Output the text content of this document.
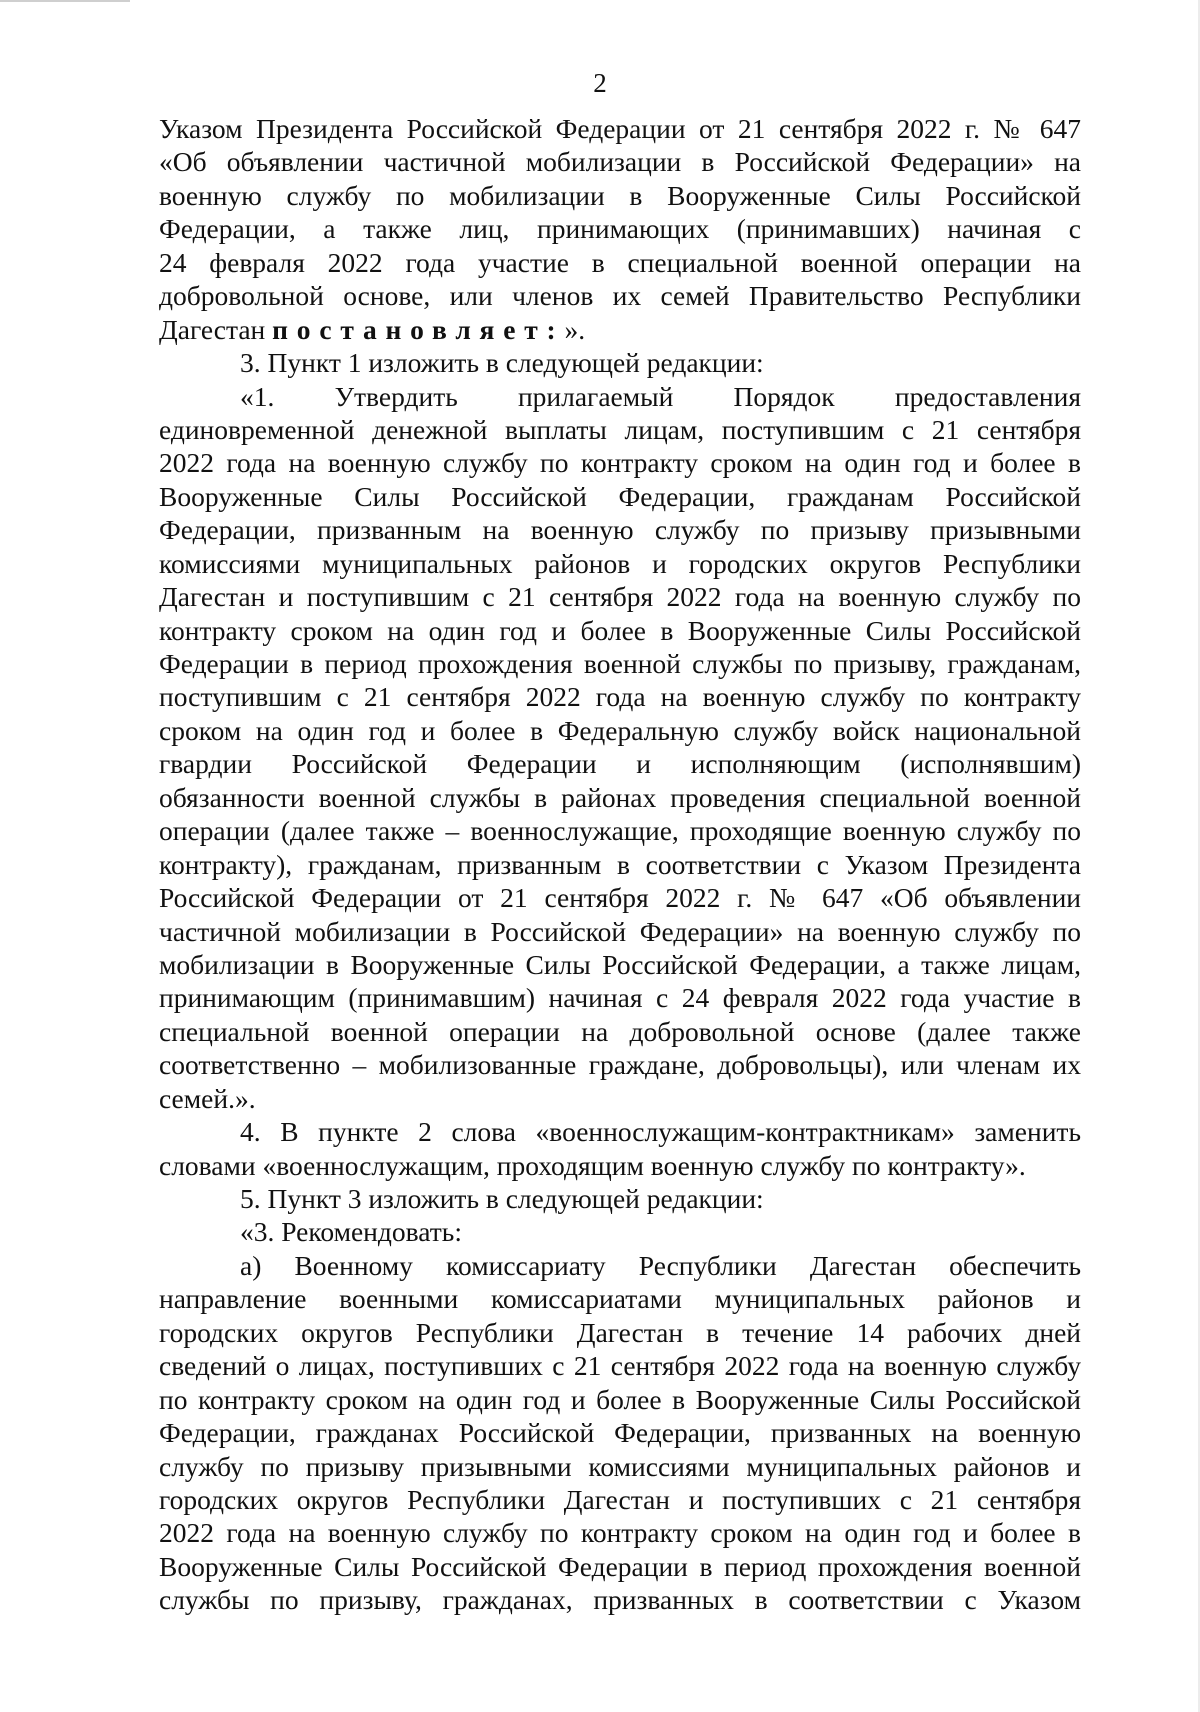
2
Указом Президента Российской Федерации от 21 сентября 2022 г. № 647
«Об объявлении частичной мобилизации в Российской Федерации» на
военную службу по мобилизации в Вооруженные Силы Российской
Федерации, а также лиц, принимающих (принимавших) начиная с
24 февраля 2022 года участие в специальной военной операции на
добровольной основе, или членов их семей Правительство Республики
Дагестан постановляет:».
3. Пункт 1 изложить в следующей редакции:
«1. Утвердить прилагаемый Порядок предоставления
единовременной денежной выплаты лицам, поступившим с 21 сентября
2022 года на военную службу по контракту сроком на один год и более в
Вооруженные Силы Российской Федерации, гражданам Российской
Федерации, призванным на военную службу по призыву призывными
комиссиями муниципальных районов и городских округов Республики
Дагестан и поступившим с 21 сентября 2022 года на военную службу по
контракту сроком на один год и более в Вооруженные Силы Российской
Федерации в период прохождения военной службы по призыву, гражданам,
поступившим с 21 сентября 2022 года на военную службу по контракту
сроком на один год и более в Федеральную службу войск национальной
гвардии Российской Федерации и исполняющим (исполнявшим)
обязанности военной службы в районах проведения специальной военной
операции (далее также – военнослужащие, проходящие военную службу по
контракту), гражданам, призванным в соответствии с Указом Президента
Российской Федерации от 21 сентября 2022 г. № 647 «Об объявлении
частичной мобилизации в Российской Федерации» на военную службу по
мобилизации в Вооруженные Силы Российской Федерации, а также лицам,
принимающим (принимавшим) начиная с 24 февраля 2022 года участие в
специальной военной операции на добровольной основе (далее также
соответственно – мобилизованные граждане, добровольцы), или членам их
семей.».
4. В пункте 2 слова «военнослужащим-контрактникам» заменить
словами «военнослужащим, проходящим военную службу по контракту».
5. Пункт 3 изложить в следующей редакции:
«3. Рекомендовать:
а) Военному комиссариату Республики Дагестан обеспечить
направление военными комиссариатами муниципальных районов и
городских округов Республики Дагестан в течение 14 рабочих дней
сведений о лицах, поступивших с 21 сентября 2022 года на военную службу
по контракту сроком на один год и более в Вооруженные Силы Российской
Федерации, гражданах Российской Федерации, призванных на военную
службу по призыву призывными комиссиями муниципальных районов и
городских округов Республики Дагестан и поступивших с 21 сентября
2022 года на военную службу по контракту сроком на один год и более в
Вооруженные Силы Российской Федерации в период прохождения военной
службы по призыву, гражданах, призванных в соответствии с Указом
